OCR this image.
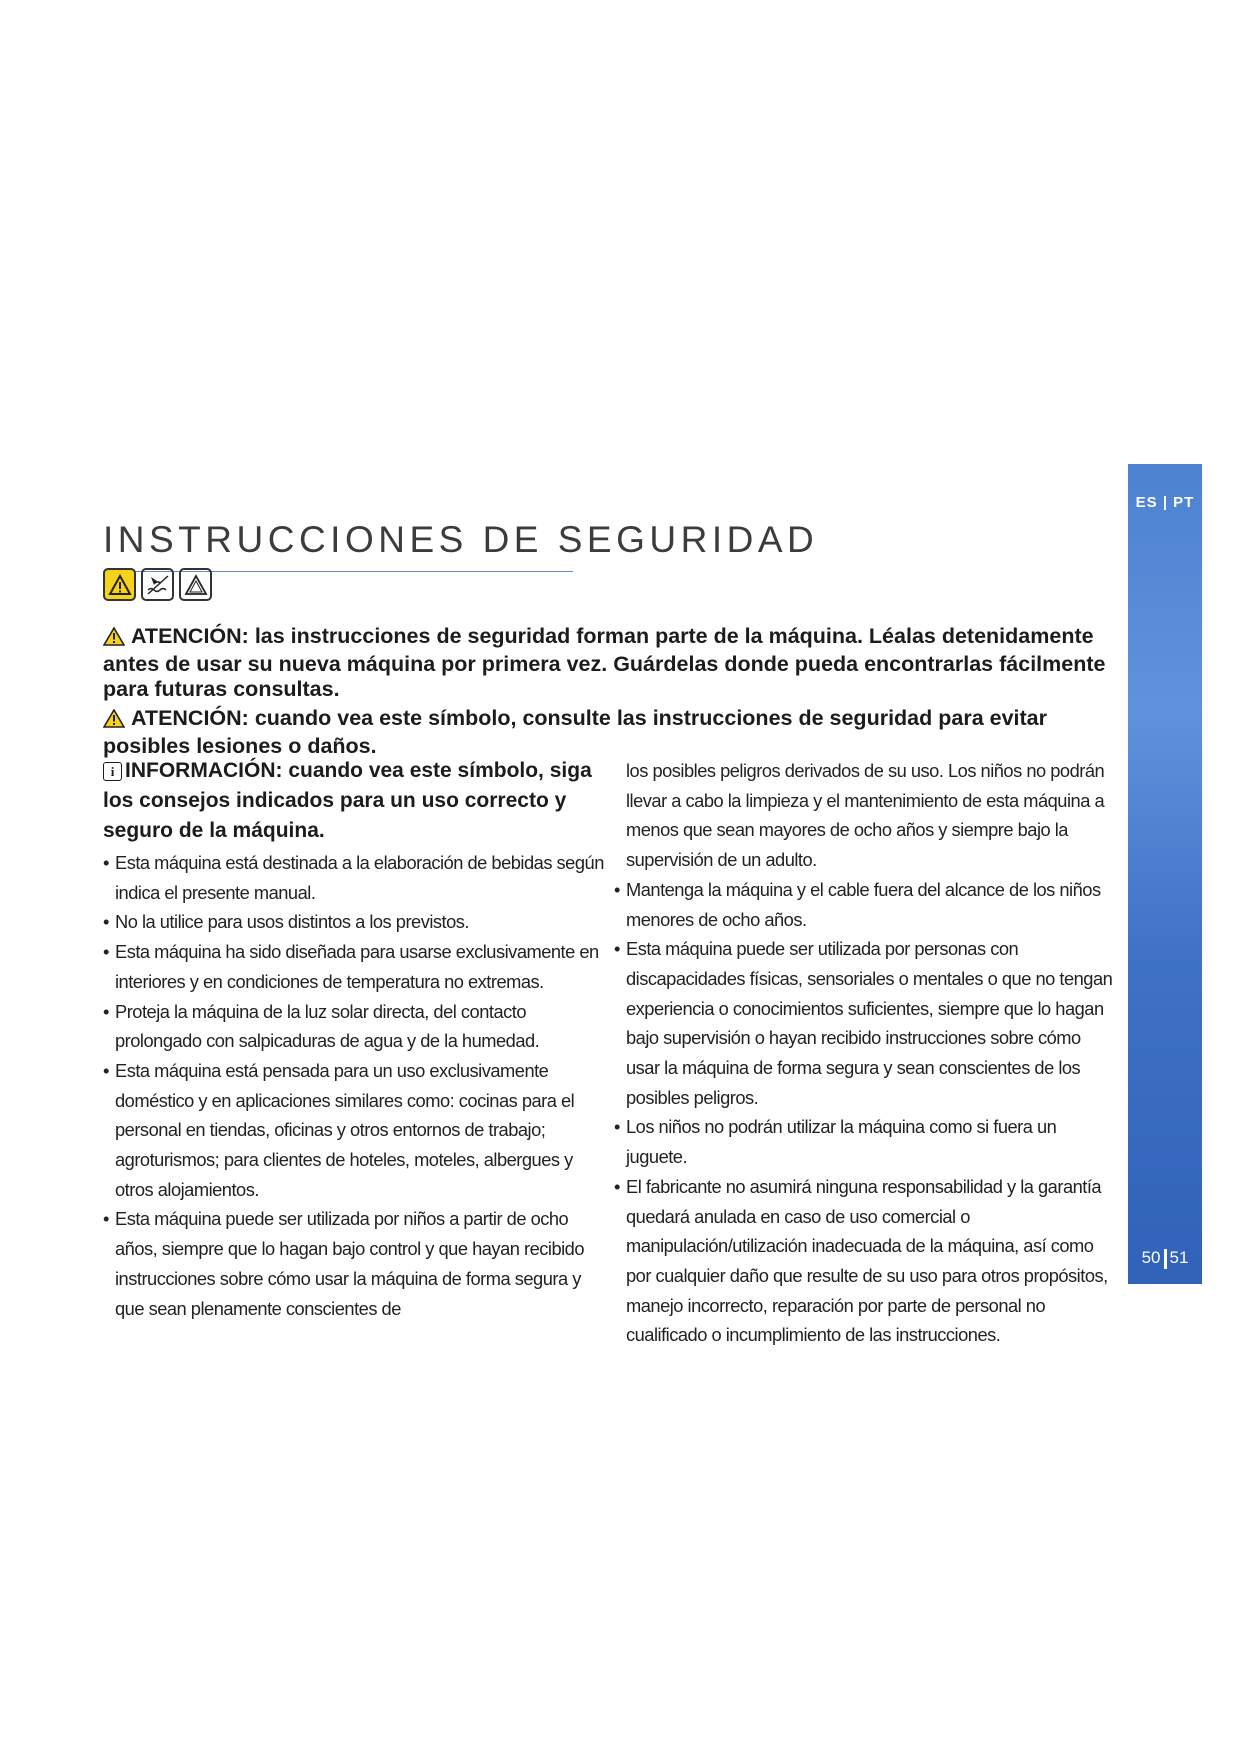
ES | PT
50 51
INSTRUCCIONES DE SEGURIDAD

ATENCIÓN: las instrucciones de seguridad forman parte de la máquina. Léalas detenidamente antes de usar su nueva máquina por primera vez. Guárdelas donde pueda encontrarlas fácilmente para futuras consultas.

ATENCIÓN: cuando vea este símbolo, consulte las instrucciones de seguridad para evitar posibles lesiones o daños.

i INFORMACIÓN: cuando vea este símbolo, siga los consejos indicados para un uso correcto y seguro de la máquina.

• Esta máquina está destinada a la elaboración de bebidas según indica el presente manual.
• No la utilice para usos distintos a los previstos.
• Esta máquina ha sido diseñada para usarse exclusivamente en interiores y en condiciones de temperatura no extremas.
• Proteja la máquina de la luz solar directa, del contacto prolongado con salpicaduras de agua y de la humedad.
• Esta máquina está pensada para un uso exclusivamente doméstico y en aplicaciones similares como: cocinas para el personal en tiendas, oficinas y otros entornos de trabajo; agroturismos; para clientes de hoteles, moteles, albergues y otros alojamientos.
• Esta máquina puede ser utilizada por niños a partir de ocho años, siempre que lo hagan bajo control y que hayan recibido instrucciones sobre cómo usar la máquina de forma segura y que sean plenamente conscientes de

los posibles peligros derivados de su uso. Los niños no podrán llevar a cabo la limpieza y el mantenimiento de esta máquina a menos que sean mayores de ocho años y siempre bajo la supervisión de un adulto.

• Mantenga la máquina y el cable fuera del alcance de los niños menores de ocho años.
• Esta máquina puede ser utilizada por personas con discapacidades físicas, sensoriales o mentales o que no tengan experiencia o conocimientos suficientes, siempre que lo hagan bajo supervisión o hayan recibido instrucciones sobre cómo usar la máquina de forma segura y sean conscientes de los posibles peligros.
• Los niños no podrán utilizar la máquina como si fuera un juguete.
• El fabricante no asumirá ninguna responsabilidad y la garantía quedará anulada en caso de uso comercial o manipulación/utilización inadecuada de la máquina, así como por cualquier daño que resulte de su uso para otros propósitos, manejo incorrecto, reparación por parte de personal no cualificado o incumplimiento de las instrucciones.
